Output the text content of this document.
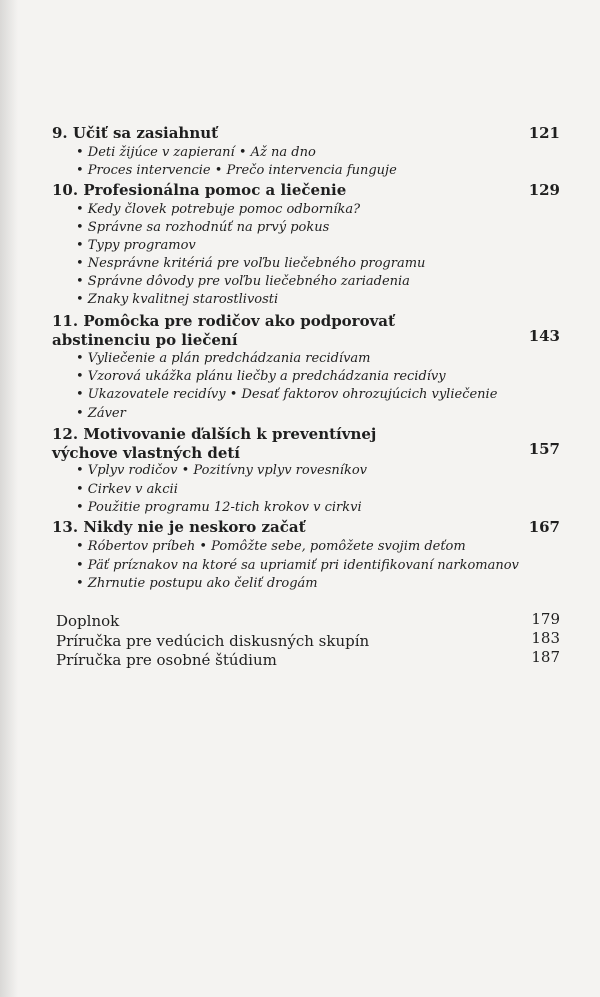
9. Učiť sa zasiahnuť	121
• Deti žijúce v zapieraní • Až na dno
• Proces intervencie • Prečo intervencia funguje
10. Profesionálna pomoc a liečenie	129
• Kedy človek potrebuje pomoc odborníka?
• Správne sa rozhodnúť na prvý pokus
• Typy programov
• Nesprávne kritériá pre voľbu liečebného programu
• Správne dôvody pre voľbu liečebného zariadenia
• Znaky kvalitnej starostlivosti
11. Pomôcka pre rodičov ako podporovať
abstinenciu po liečení	143
• Vyliečenie a plán predchádzania recidívam
• Vzorová ukážka plánu liečby a predchádzania recidívy
• Ukazovatele recidívy • Desať faktorov ohrozujúcich vyliečenie
• Záver
12. Motivovanie ďalších k preventívnej
výchove vlastných detí	157
• Vplyv rodičov • Pozitívny vplyv rovesníkov
• Cirkev v akcii
• Použitie programu 12-tich krokov v cirkvi
13. Nikdy nie je neskoro začať	167
• Róbertov príbeh • Pomôžte sebe, pomôžete svojim deťom
• Päť príznakov na ktoré sa upriamiť pri identifikovaní narkomanov
• Zhrnutie postupu ako čeliť drogám
Doplnok	179
Príručka pre vedúcich diskusných skupín	183
Príručka pre osobné štúdium	187
